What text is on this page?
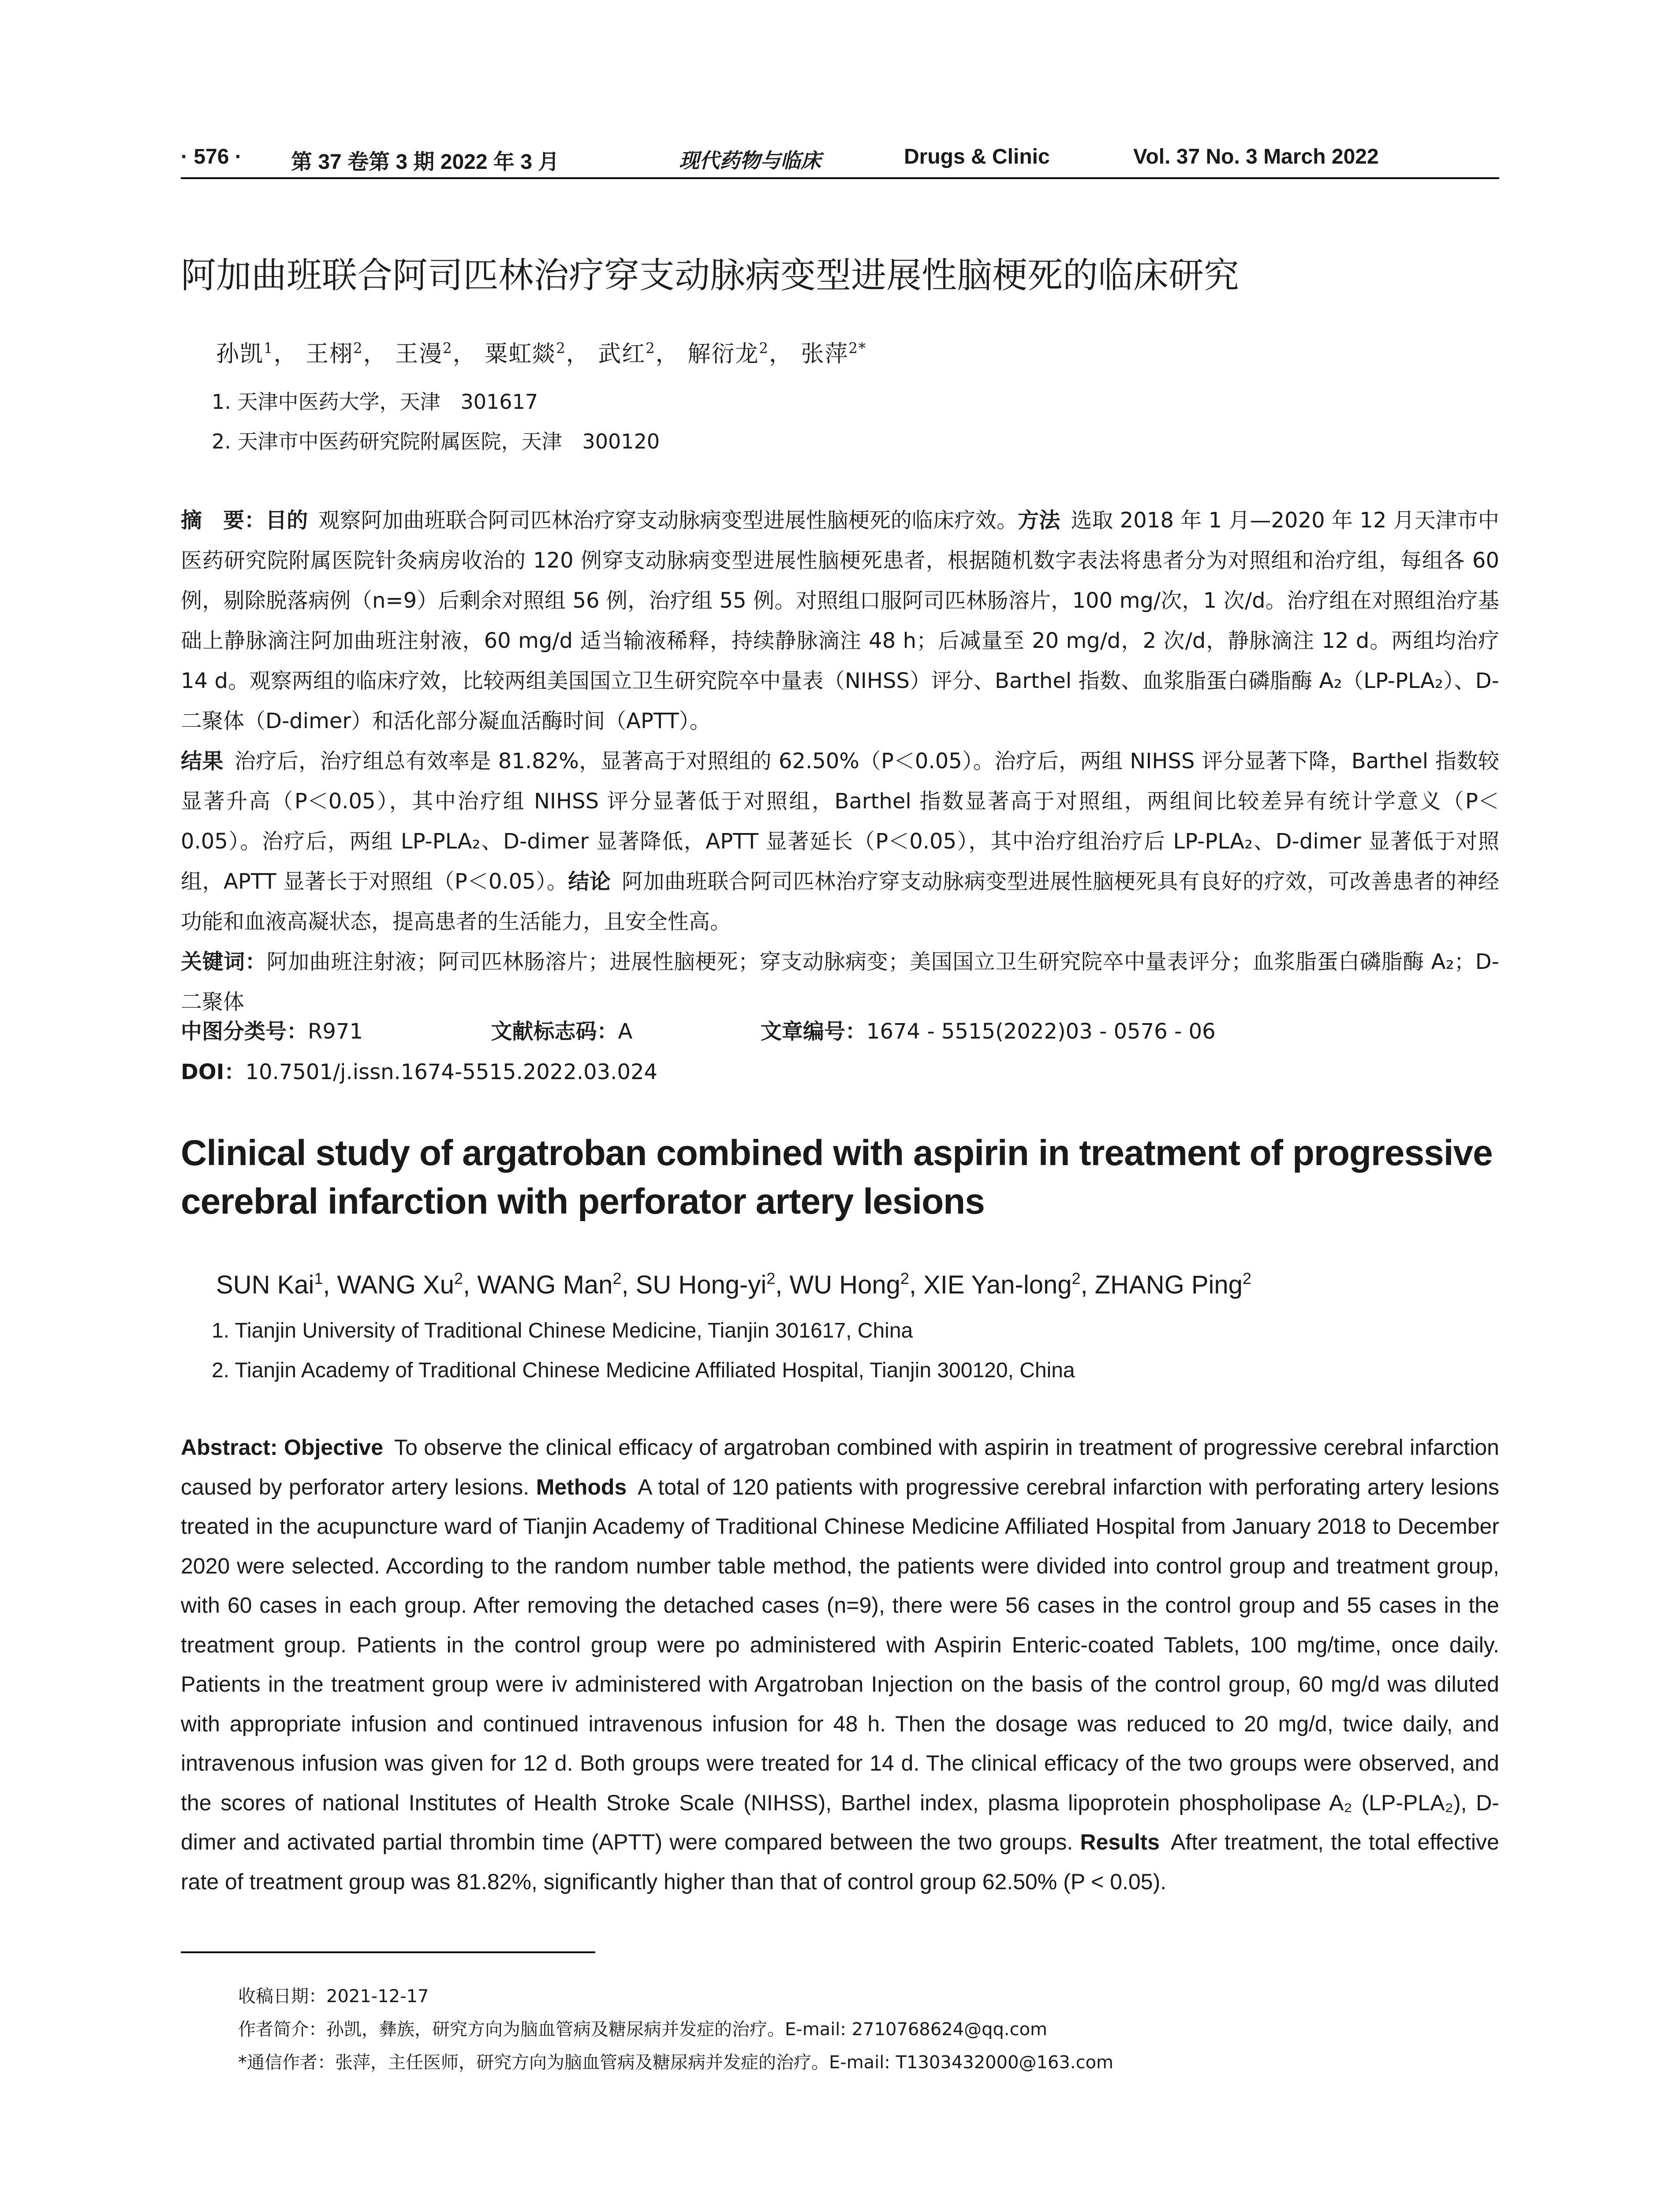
· 576 · 第 37 卷第 3 期 2022 年 3 月	现代药物与临床	Drugs & Clinic	Vol. 37 No. 3 March 2022
阿加曲班联合阿司匹林治疗穿支动脉病变型进展性脑梗死的临床研究
孙凯$^1$， 王栩$^2$， 王漫$^2$， 粟虹燚$^2$， 武红$^2$， 解衍龙$^2$， 张萍$^{2*}$
1. 天津中医药大学，天津　301617
2. 天津市中医药研究院附属医院，天津　300120
摘　要：目的  观察阿加曲班联合阿司匹林治疗穿支动脉病变型进展性脑梗死的临床疗效。方法  选取 2018 年 1 月—2020 年 12 月天津市中医药研究院附属医院针灸病房收治的 120 例穿支动脉病变型进展性脑梗死患者，根据随机数字表法将患者分为对照组和治疗组，每组各 60 例，剔除脱落病例（n=9）后剩余对照组 56 例，治疗组 55 例。对照组口服阿司匹林肠溶片，100 mg/次，1 次/d。治疗组在对照组治疗基础上静脉滴注阿加曲班注射液，60 mg/d 适当输液稀释，持续静脉滴注 48 h；后减量至 20 mg/d，2 次/d，静脉滴注 12 d。两组均治疗 14 d。观察两组的临床疗效，比较两组美国国立卫生研究院卒中量表（NIHSS）评分、Barthel 指数、血浆脂蛋白磷脂酶 A₂（LP-PLA₂）、D-二聚体（D-dimer）和活化部分凝血活酶时间（APTT）。
结果  治疗后，治疗组总有效率是 81.82%，显著高于对照组的 62.50%（P＜0.05）。治疗后，两组 NIHSS 评分显著下降，Barthel 指数较显著升高（P＜0.05），其中治疗组 NIHSS 评分显著低于对照组，Barthel 指数显著高于对照组，两组间比较差异有统计学意义（P＜0.05）。治疗后，两组 LP-PLA₂、D-dimer 显著降低，APTT 显著延长（P＜0.05），其中治疗组治疗后 LP-PLA₂、D-dimer 显著低于对照组，APTT 显著长于对照组（P＜0.05）。结论  阿加曲班联合阿司匹林治疗穿支动脉病变型进展性脑梗死具有良好的疗效，可改善患者的神经功能和血液高凝状态，提高患者的生活能力，且安全性高。
关键词：阿加曲班注射液；阿司匹林肠溶片；进展性脑梗死；穿支动脉病变；美国国立卫生研究院卒中量表评分；血浆脂蛋白磷脂酶 A₂；D-二聚体
中图分类号：R971	文献标志码：A	文章编号：1674 - 5515(2022)03 - 0576 - 06
DOI：10.7501/j.issn.1674-5515.2022.03.024
Clinical study of argatroban combined with aspirin in treatment of progressive cerebral infarction with perforator artery lesions
SUN Kai$^1$, WANG Xu$^2$, WANG Man$^2$, SU Hong-$yi^2$, WU Hong$^2$, XIE Yan-long$^2$, ZHANG Ping$^2$
1. Tianjin University of Traditional Chinese Medicine, Tianjin 301617, China
2. Tianjin Academy of Traditional Chinese Medicine Affiliated Hospital, Tianjin 300120, China
Abstract: Objective  To observe the clinical efficacy of argatroban combined with aspirin in treatment of progressive cerebral infarction caused by perforator artery lesions. Methods  A total of 120 patients with progressive cerebral infarction with perforating artery lesions treated in the acupuncture ward of Tianjin Academy of Traditional Chinese Medicine Affiliated Hospital from January 2018 to December 2020 were selected. According to the random number table method, the patients were divided into control group and treatment group, with 60 cases in each group. After removing the detached cases (n=9), there were 56 cases in the control group and 55 cases in the treatment group. Patients in the control group were po administered with Aspirin Enteric-coated Tablets, 100 mg/time, once daily. Patients in the treatment group were iv administered with Argatroban Injection on the basis of the control group, 60 mg/d was diluted with appropriate infusion and continued intravenous infusion for 48 h. Then the dosage was reduced to 20 mg/d, twice daily, and intravenous infusion was given for 12 d. Both groups were treated for 14 d. The clinical efficacy of the two groups were observed, and the scores of national Institutes of Health Stroke Scale (NIHSS), Barthel index, plasma lipoprotein phospholipase A₂ (LP-PLA₂), D-dimer and activated partial thrombin time (APTT) were compared between the two groups. Results  After treatment, the total effective rate of treatment group was 81.82%, significantly higher than that of control group 62.50% (P < 0.05).
收稿日期：2021-12-17
作者简介：孙凯，彝族，研究方向为脑血管病及糖尿病并发症的治疗。E-mail: 2710768624@qq.com
*通信作者：张萍，主任医师，研究方向为脑血管病及糖尿病并发症的治疗。E-mail: T1303432000@163.com
